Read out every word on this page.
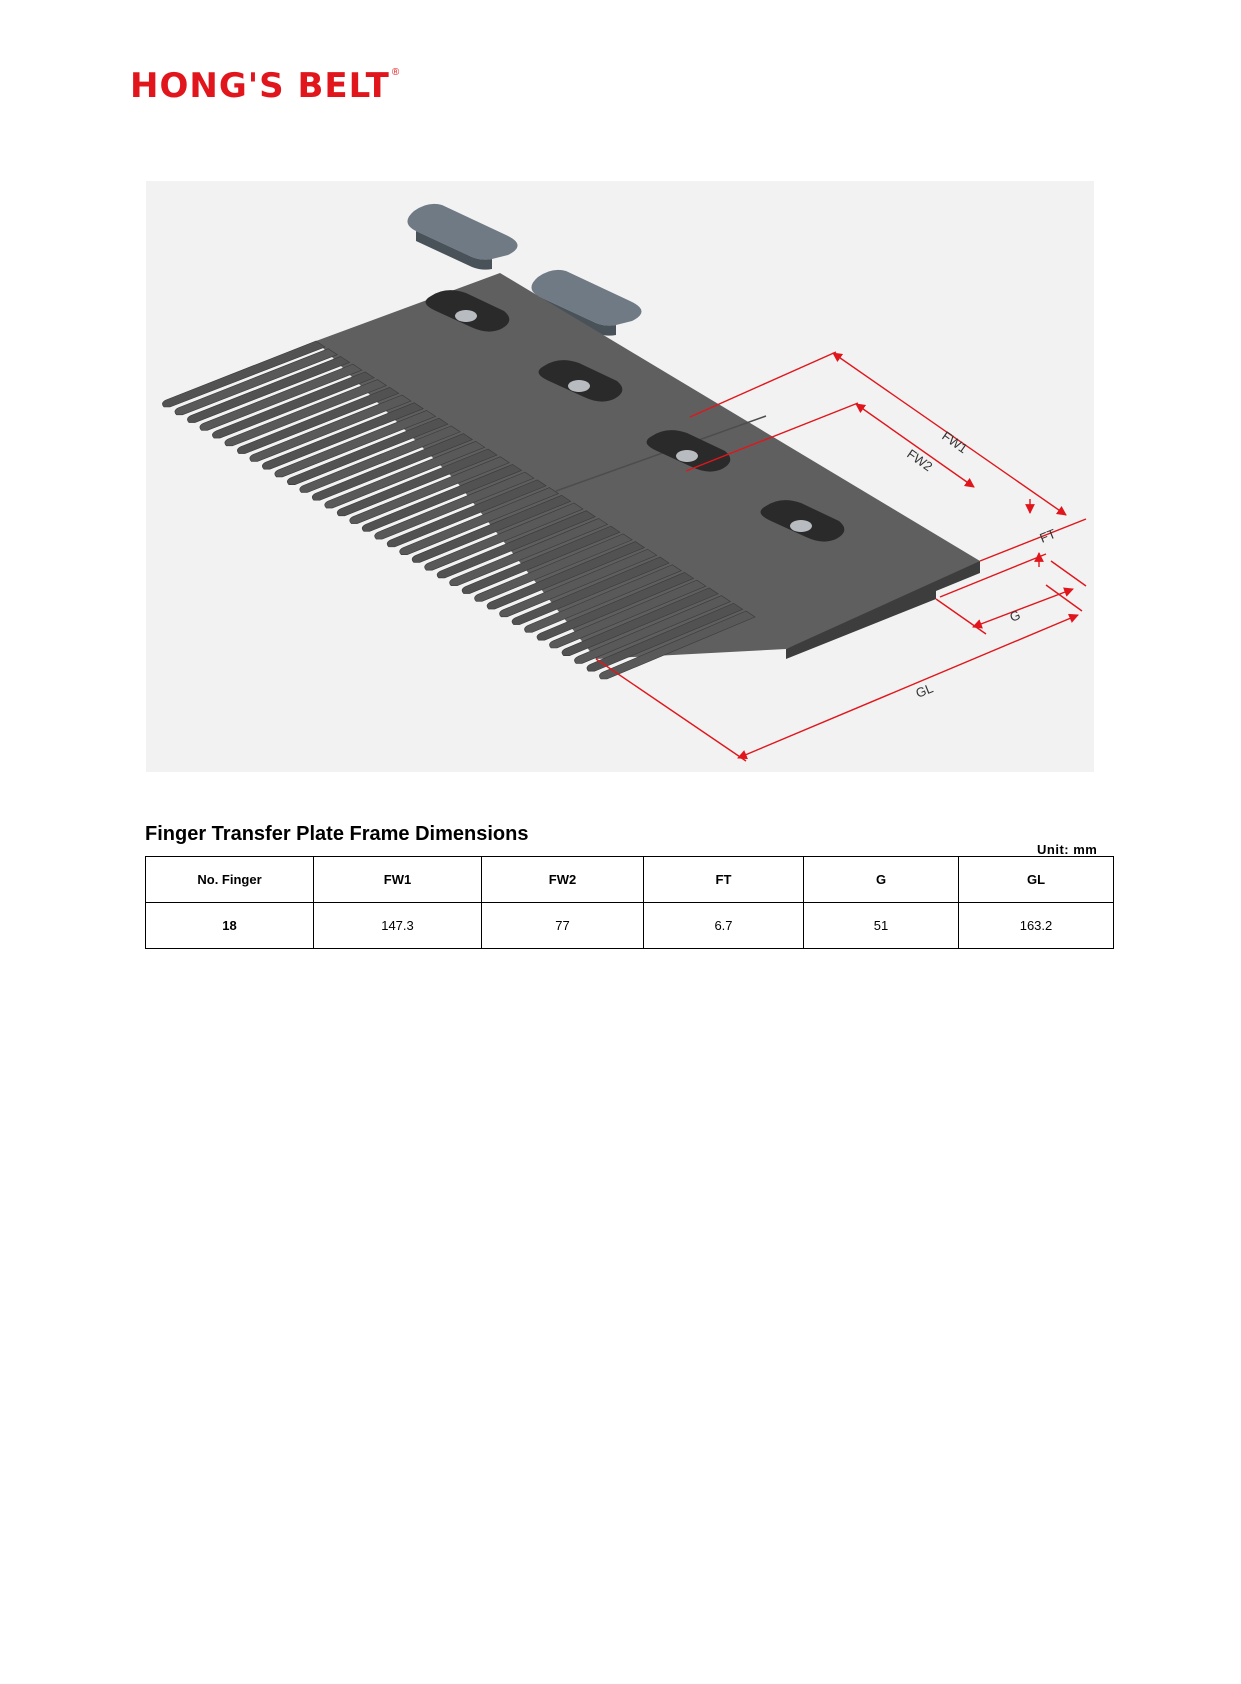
HONG'S BELT ®
FW1
FW2
FT
G
GL
Finger Transfer Plate Frame Dimensions
Unit: mm
No. Finger	FW1	FW2	FT	G	GL
18	147.3	77	6.7	51	163.2
